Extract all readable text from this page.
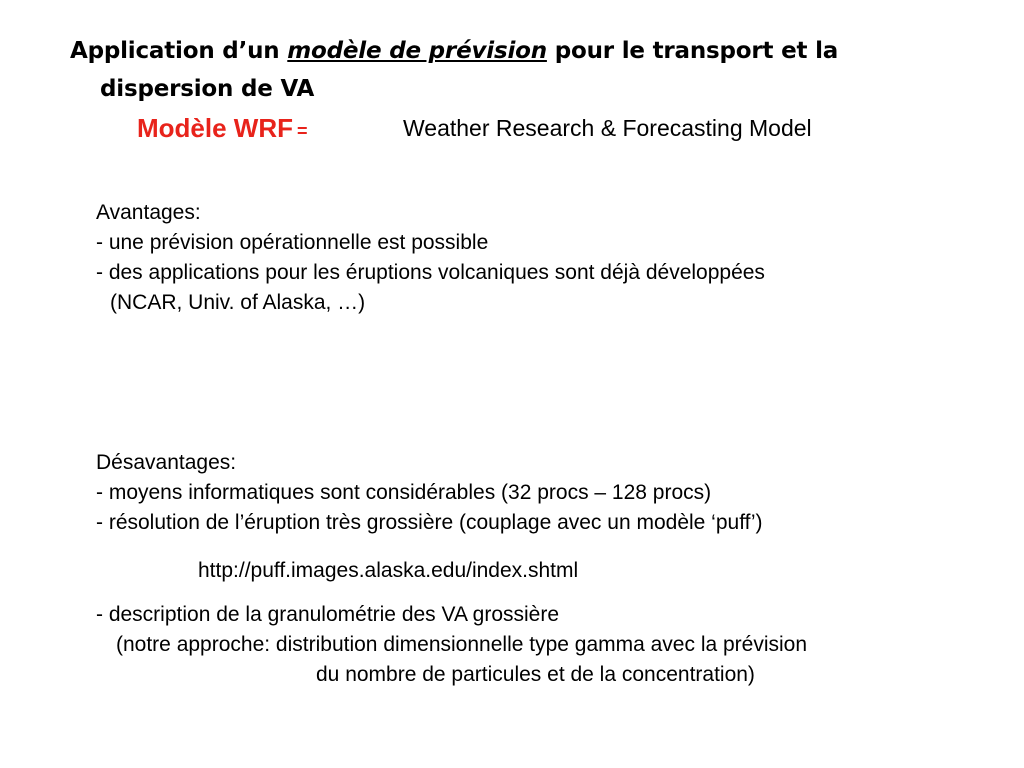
Application d’un modèle de prévision pour le transport et la
dispersion de VA
Modèle WRF =	Weather Research & Forecasting Model

Avantages:

- une prévision opérationnelle est possible

- des applications pour les éruptions volcaniques sont déjà développées

(NCAR, Univ. of Alaska, …)

Désavantages:

- moyens informatiques sont considérables (32 procs – 128 procs)

- résolution de l’éruption très grossière (couplage avec un modèle ‘puff’)

http://puff.images.alaska.edu/index.shtml

- description de la granulométrie des VA grossière

(notre approche: distribution dimensionnelle type gamma avec la prévision

du nombre de particules et de la concentration)
